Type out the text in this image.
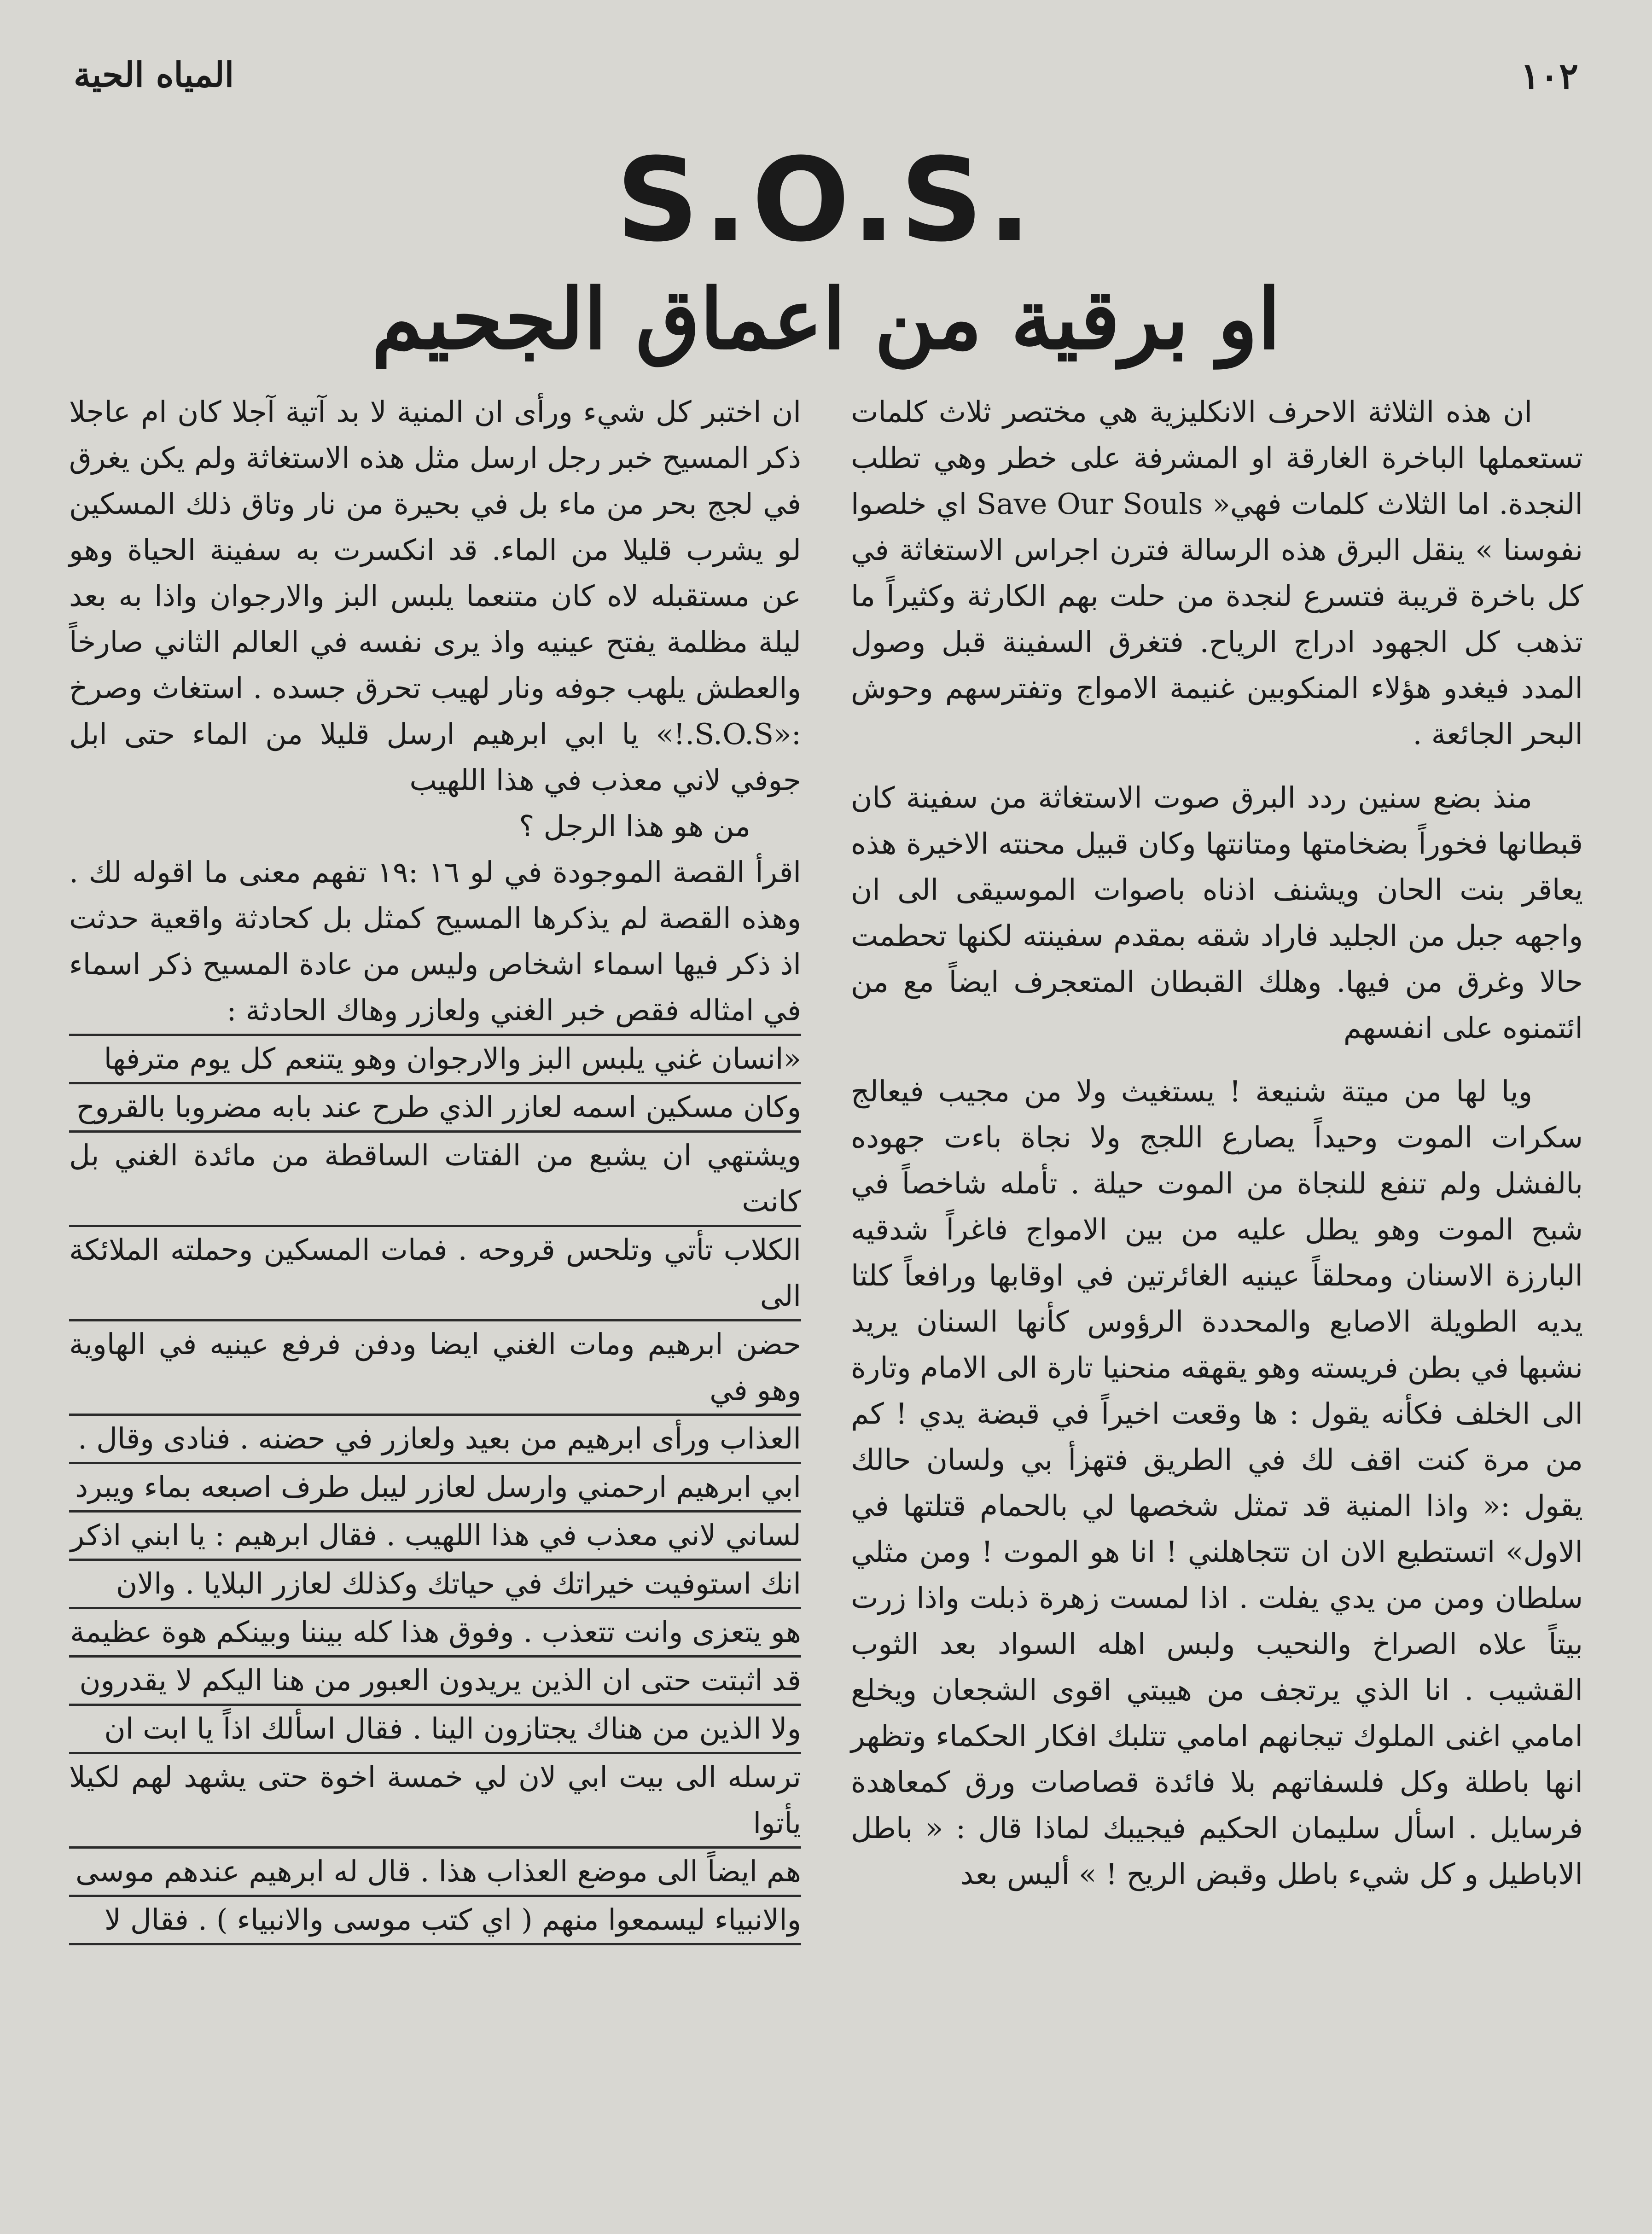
١٠٢
المياه الحية
S.O.S.
او برقية من اعماق الجحيم

ان هذه الثلاثة الاحرف الانكليزية هي مختصر ثلاث كلمات تستعملها الباخرة الغارقة او المشرفة على خطر وهي تطلب النجدة. اما الثلاث كلمات فهي« Save Our Souls اي خلصوا نفوسنا » ينقل البرق هذه الرسالة فترن اجراس الاستغاثة في كل باخرة قريبة فتسرع لنجدة من حلت بهم الكارثة وكثيراً ما تذهب كل الجهود ادراج الرياح. فتغرق السفينة قبل وصول المدد فيغدو هؤلاء المنكوبين غنيمة الامواج وتفترسهم وحوش البحر الجائعة .

منذ بضع سنين ردد البرق صوت الاستغاثة من سفينة كان قبطانها فخوراً بضخامتها ومتانتها وكان قبيل محنته الاخيرة هذه يعاقر بنت الحان ويشنف اذناه باصوات الموسيقى الى ان واجهه جبل من الجليد فاراد شقه بمقدم سفينته لكنها تحطمت حالا وغرق من فيها. وهلك القبطان المتعجرف ايضاً مع من ائتمنوه على انفسهم

ويا لها من ميتة شنيعة ! يستغيث ولا من مجيب فيعالج سكرات الموت وحيداً يصارع اللجج ولا نجاة باءت جهوده بالفشل ولم تنفع للنجاة من الموت حيلة . تأمله شاخصاً في شبح الموت وهو يطل عليه من بين الامواج فاغراً شدقيه البارزة الاسنان ومحلقاً عينيه الغائرتين في اوقابها ورافعاً كلتا يديه الطويلة الاصابع والمحددة الرؤوس كأنها السنان يريد نشبها في بطن فريسته وهو يقهقه منحنيا تارة الى الامام وتارة الى الخلف فكأنه يقول : ها وقعت اخيراً في قبضة يدي ! كم من مرة كنت اقف لك في الطريق فتهزأ بي ولسان حالك يقول :« واذا المنية قد تمثل شخصها لي بالحمام قتلتها في الاول» اتستطيع الان ان تتجاهلني ! انا هو الموت ! ومن مثلي سلطان ومن من يدي يفلت . اذا لمست زهرة ذبلت واذا زرت بيتاً علاه الصراخ والنحيب ولبس اهله السواد بعد الثوب القشيب . انا الذي يرتجف من هيبتي اقوى الشجعان ويخلع امامي اغنى الملوك تيجانهم امامي تتلبك افكار الحكماء وتظهر انها باطلة وكل فلسفاتهم بلا فائدة قصاصات ورق كمعاهدة فرسايل . اسأل سليمان الحكيم فيجيبك لماذا قال : « باطل الاباطيل و كل شيء باطل وقبض الريح ! » أليس بعد

ان اختبر كل شيء ورأى ان المنية لا بد آتية آجلا كان ام عاجلا ذكر المسيح خبر رجل ارسل مثل هذه الاستغاثة ولم يكن يغرق في لجج بحر من ماء بل في بحيرة من نار وتاق ذلك المسكين لو يشرب قليلا من الماء. قد انكسرت به سفينة الحياة وهو عن مستقبله لاه كان متنعما يلبس البز والارجوان واذا به بعد ليلة مظلمة يفتح عينيه واذ يرى نفسه في العالم الثاني صارخاً والعطش يلهب جوفه ونار لهيب تحرق جسده . استغاث وصرخ :«S.O.S.!» يا ابي ابرهيم ارسل قليلا من الماء حتى ابل جوفي لاني معذب في هذا اللهيب

من هو هذا الرجل ؟

اقرأ القصة الموجودة في لو ١٦ :١٩ تفهم معنى ما اقوله لك . وهذه القصة لم يذكرها المسيح كمثل بل كحادثة واقعية حدثت اذ ذكر فيها اسماء اشخاص وليس من عادة المسيح ذكر اسماء في امثاله فقص خبر الغني ولعازر وهاك الحادثة :

«انسان غني يلبس البز والارجوان وهو يتنعم كل يوم مترفها

وكان مسكين اسمه لعازر الذي طرح عند بابه مضروبا بالقروح

ويشتهي ان يشبع من الفتات الساقطة من مائدة الغني بل كانت

الكلاب تأتي وتلحس قروحه . فمات المسكين وحملته الملائكة الى

حضن ابرهيم ومات الغني ايضا ودفن فرفع عينيه في الهاوية وهو في

العذاب ورأى ابرهيم من بعيد ولعازر في حضنه . فنادى وقال .

ابي ابرهيم ارحمني وارسل لعازر ليبل طرف اصبعه بماء ويبرد

لساني لاني معذب في هذا اللهيب . فقال ابرهيم : يا ابني اذكر

انك استوفيت خيراتك في حياتك وكذلك لعازر البلايا . والان

هو يتعزى وانت تتعذب . وفوق هذا كله بيننا وبينكم هوة عظيمة

قد اثبتت حتى ان الذين يريدون العبور من هنا اليكم لا يقدرون

ولا الذين من هناك يجتازون الينا . فقال اسألك اذاً يا ابت ان

ترسله الى بيت ابي لان لي خمسة اخوة حتى يشهد لهم لكيلا يأتوا

هم ايضاً الى موضع العذاب هذا . قال له ابرهيم عندهم موسى

والانبياء ليسمعوا منهم ( اي كتب موسى والانبياء ) . فقال لا
